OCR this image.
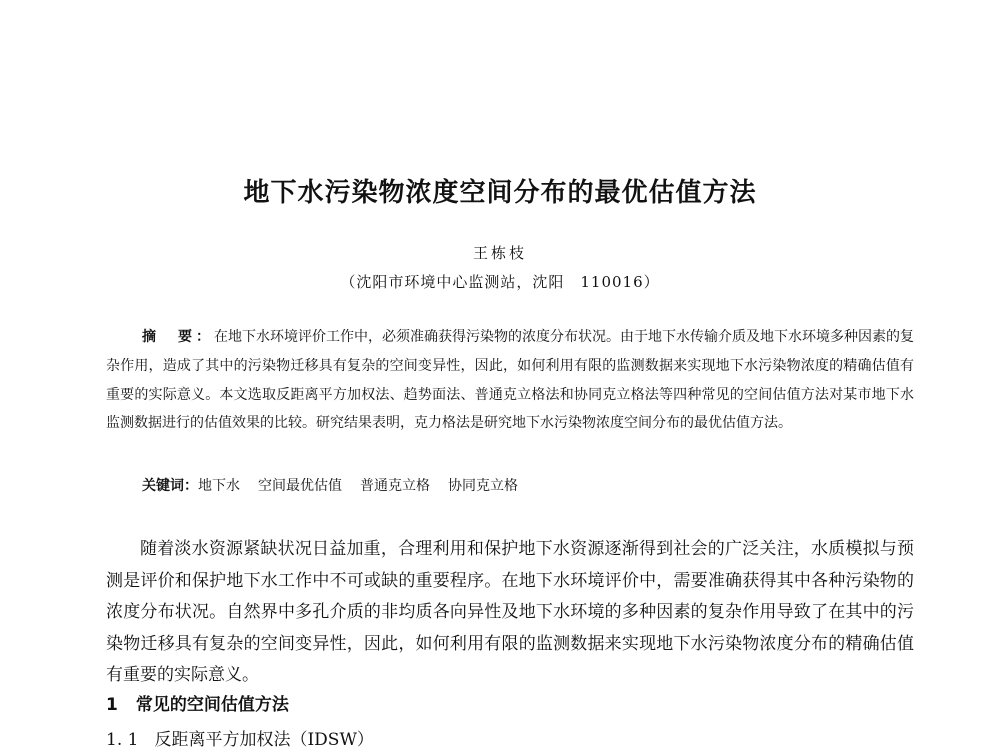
地下水污染物浓度空间分布的最优估值方法
王栋枝
（沈阳市环境中心监测站，沈阳　110016）

摘　要：在地下水环境评价工作中，必须准确获得污染物的浓度分布状况。由于地下水传输介质及地下水环境多种因素的复杂作用，造成了其中的污染物迁移具有复杂的空间变异性，因此，如何利用有限的监测数据来实现地下水污染物浓度的精确估值有重要的实际意义。本文选取反距离平方加权法、趋势面法、普通克立格法和协同克立格法等四种常见的空间估值方法对某市地下水监测数据进行的估值效果的比较。研究结果表明，克力格法是研究地下水污染物浓度空间分布的最优估值方法。

关键词：地下水 空间最优估值 普通克立格 协同克立格

随着淡水资源紧缺状况日益加重，合理利用和保护地下水资源逐渐得到社会的广泛关注，水质模拟与预测是评价和保护地下水工作中不可或缺的重要程序。在地下水环境评价中，需要准确获得其中各种污染物的浓度分布状况。自然界中多孔介质的非均质各向异性及地下水环境的多种因素的复杂作用导致了在其中的污染物迁移具有复杂的空间变异性，因此，如何利用有限的监测数据来实现地下水污染物浓度分布的精确估值有重要的实际意义。

1 常见的空间估值方法
1. 1 反距离平方加权法（IDSW）
